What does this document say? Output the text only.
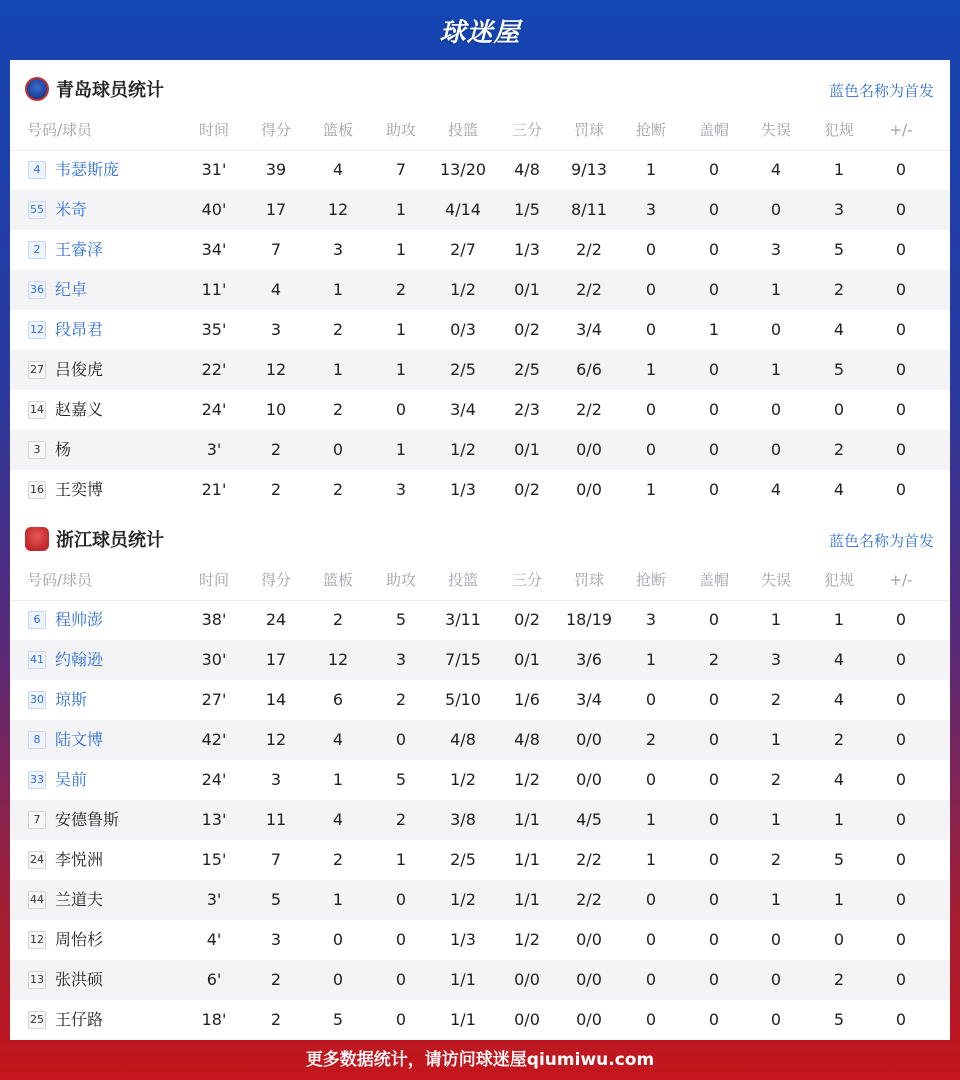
球迷屋
青岛球员统计	蓝色名称为首发
号码/球员	时间	得分	篮板	助攻	投篮	三分	罚球	抢断	盖帽	失误	犯规	+/-
4 韦瑟斯庞	31'	39	4	7	13/20	4/8	9/13	1	0	4	1	0
55 米奇	40'	17	12	1	4/14	1/5	8/11	3	0	0	3	0
2 王睿泽	34'	7	3	1	2/7	1/3	2/2	0	0	3	5	0
36 纪卓	11'	4	1	2	1/2	0/1	2/2	0	0	1	2	0
12 段昂君	35'	3	2	1	0/3	0/2	3/4	0	1	0	4	0
27 吕俊虎	22'	12	1	1	2/5	2/5	6/6	1	0	1	5	0
14 赵嘉义	24'	10	2	0	3/4	2/3	2/2	0	0	0	0	0
3 杨	3'	2	0	1	1/2	0/1	0/0	0	0	0	2	0
16 王奕博	21'	2	2	3	1/3	0/2	0/0	1	0	4	4	0
浙江球员统计	蓝色名称为首发
号码/球员	时间	得分	篮板	助攻	投篮	三分	罚球	抢断	盖帽	失误	犯规	+/-
6 程帅澎	38'	24	2	5	3/11	0/2	18/19	3	0	1	1	0
41 约翰逊	30'	17	12	3	7/15	0/1	3/6	1	2	3	4	0
30 琼斯	27'	14	6	2	5/10	1/6	3/4	0	0	2	4	0
8 陆文博	42'	12	4	0	4/8	4/8	0/0	2	0	1	2	0
33 吴前	24'	3	1	5	1/2	1/2	0/0	0	0	2	4	0
7 安德鲁斯	13'	11	4	2	3/8	1/1	4/5	1	0	1	1	0
24 李悦洲	15'	7	2	1	2/5	1/1	2/2	1	0	2	5	0
44 兰道夫	3'	5	1	0	1/2	1/1	2/2	0	0	1	1	0
12 周怡杉	4'	3	0	0	1/3	1/2	0/0	0	0	0	0	0
13 张洪硕	6'	2	0	0	1/1	0/0	0/0	0	0	0	2	0
25 王仔路	18'	2	5	0	1/1	0/0	0/0	0	0	0	5	0
更多数据统计，请访问球迷屋qiumiwu.com
